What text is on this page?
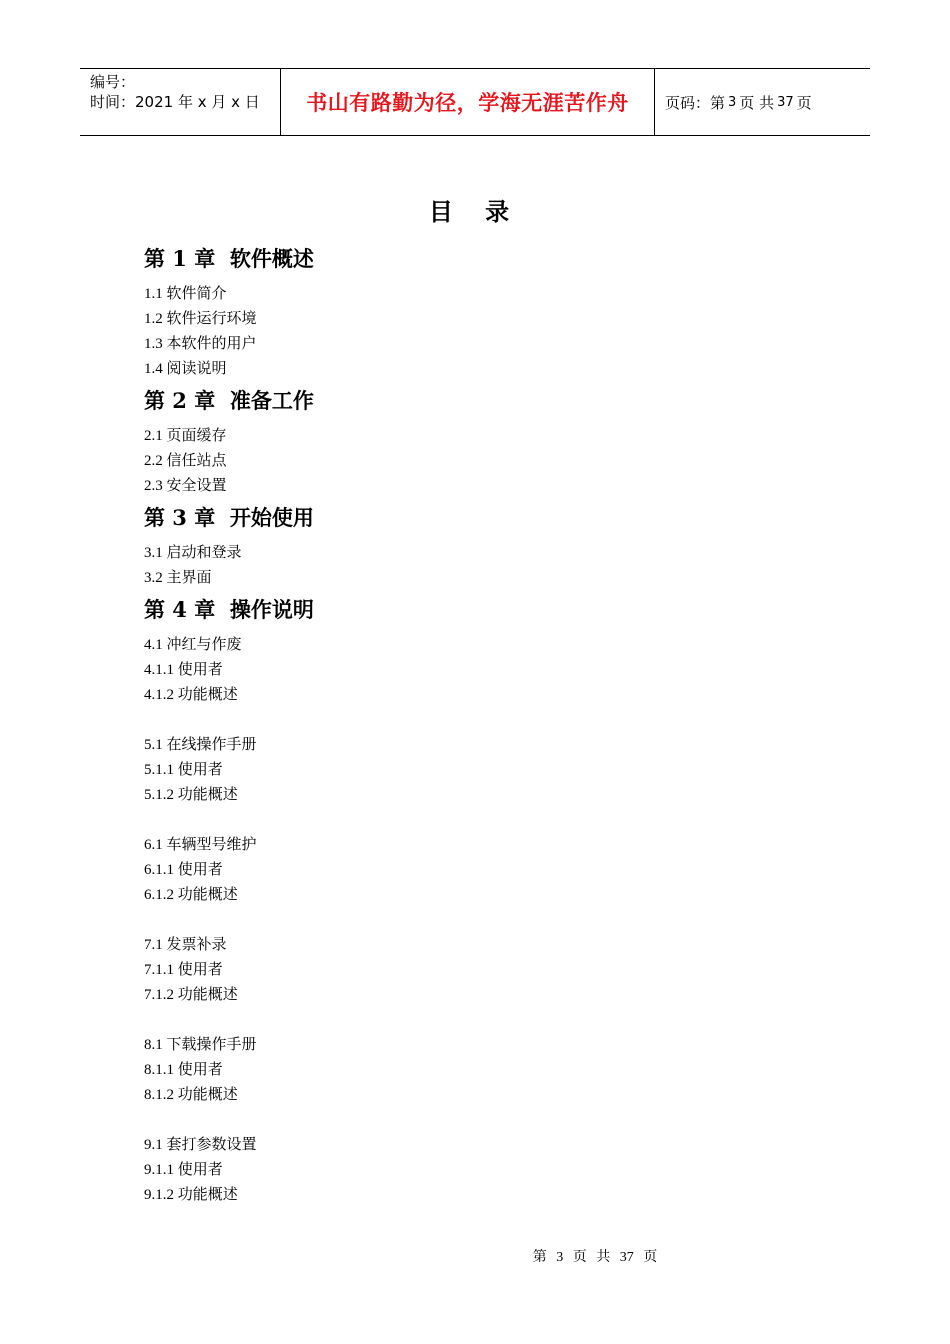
编号：
时间：2021 年 x 月 x 日	书山有路勤为径，学海无涯苦作舟	页码：第 3 页 共 37 页
目 录
第 1 章  软件概述
1.1 软件简介
1.2 软件运行环境
1.3 本软件的用户
1.4 阅读说明
第 2 章  准备工作
2.1 页面缓存
2.2 信任站点
2.3 安全设置
第 3 章  开始使用
3.1 启动和登录
3.2 主界面
第 4 章  操作说明
4.1 冲红与作废
4.1.1 使用者
4.1.2 功能概述
5.1 在线操作手册
5.1.1 使用者
5.1.2 功能概述
6.1 车辆型号维护
6.1.1 使用者
6.1.2 功能概述
7.1 发票补录
7.1.1 使用者
7.1.2 功能概述
8.1 下载操作手册
8.1.1 使用者
8.1.2 功能概述
9.1 套打参数设置
9.1.1 使用者
9.1.2 功能概述
第 3 页 共 37 页
